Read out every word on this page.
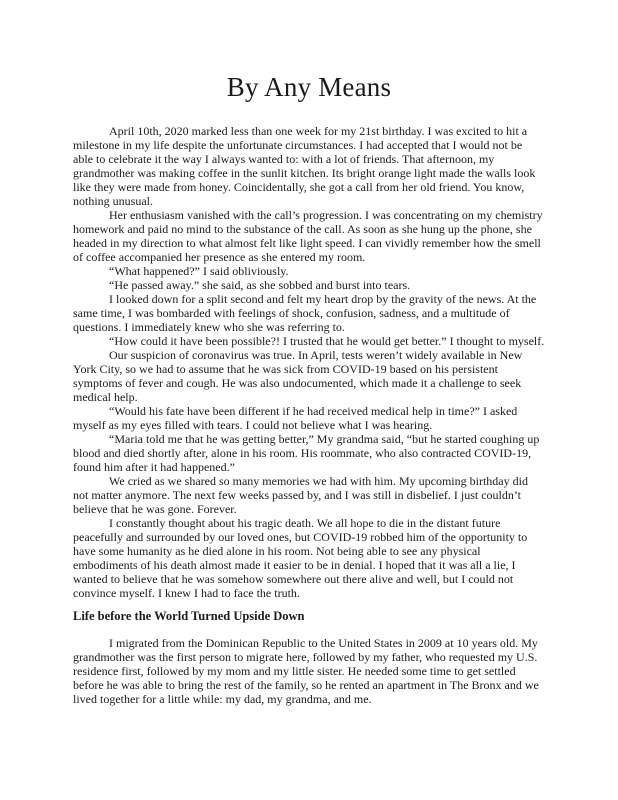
By Any Means

April 10th, 2020 marked less than one week for my 21st birthday. I was excited to hit a milestone in my life despite the unfortunate circumstances. I had accepted that I would not be able to celebrate it the way I always wanted to: with a lot of friends. That afternoon, my grandmother was making coffee in the sunlit kitchen. Its bright orange light made the walls look like they were made from honey. Coincidentally, she got a call from her old friend. You know, nothing unusual.

Her enthusiasm vanished with the call’s progression. I was concentrating on my chemistry homework and paid no mind to the substance of the call. As soon as she hung up the phone, she headed in my direction to what almost felt like light speed. I can vividly remember how the smell of coffee accompanied her presence as she entered my room.

“What happened?” I said obliviously.

“He passed away.” she said, as she sobbed and burst into tears.

I looked down for a split second and felt my heart drop by the gravity of the news. At the same time, I was bombarded with feelings of shock, confusion, sadness, and a multitude of questions. I immediately knew who she was referring to.

“How could it have been possible?! I trusted that he would get better.” I thought to myself.

Our suspicion of coronavirus was true. In April, tests weren’t widely available in New York City, so we had to assume that he was sick from COVID-19 based on his persistent symptoms of fever and cough. He was also undocumented, which made it a challenge to seek medical help.

“Would his fate have been different if he had received medical help in time?” I asked myself as my eyes filled with tears. I could not believe what I was hearing.

“Maria told me that he was getting better,” My grandma said, “but he started coughing up blood and died shortly after, alone in his room. His roommate, who also contracted COVID-19, found him after it had happened.”

We cried as we shared so many memories we had with him. My upcoming birthday did not matter anymore. The next few weeks passed by, and I was still in disbelief. I just couldn’t believe that he was gone. Forever.

I constantly thought about his tragic death. We all hope to die in the distant future peacefully and surrounded by our loved ones, but COVID-19 robbed him of the opportunity to have some humanity as he died alone in his room. Not being able to see any physical embodiments of his death almost made it easier to be in denial. I hoped that it was all a lie, I wanted to believe that he was somehow somewhere out there alive and well, but I could not convince myself. I knew I had to face the truth.

Life before the World Turned Upside Down

I migrated from the Dominican Republic to the United States in 2009 at 10 years old. My grandmother was the first person to migrate here, followed by my father, who requested my U.S. residence first, followed by my mom and my little sister. He needed some time to get settled before he was able to bring the rest of the family, so he rented an apartment in The Bronx and we lived together for a little while: my dad, my grandma, and me.
